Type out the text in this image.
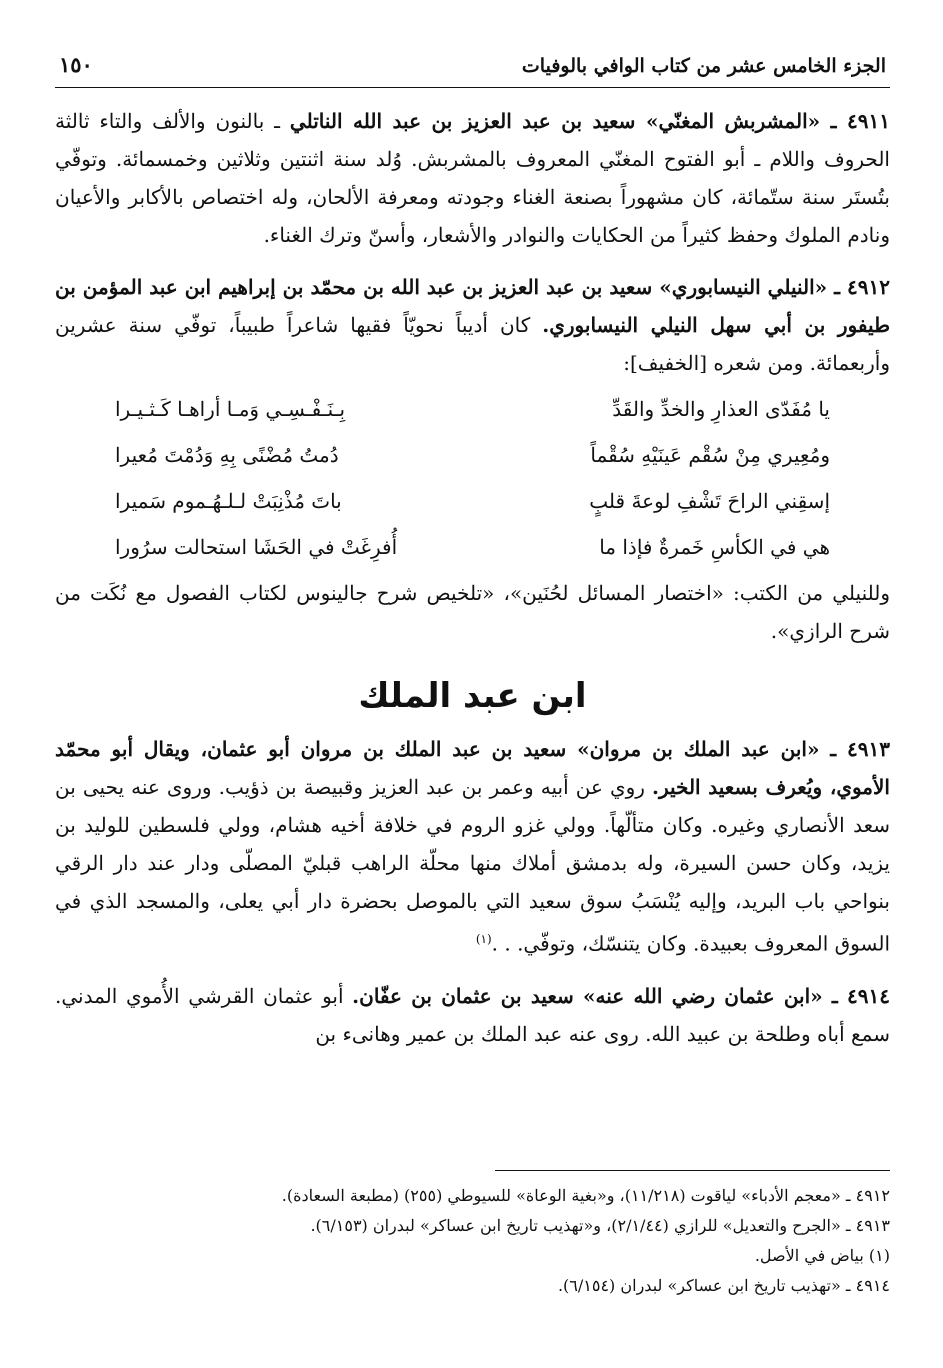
الجزء الخامس عشر من كتاب الوافي بالوفيات
١٥٠
٤٩١١ ـ «المشربش المغنّي» سعيد بن عبد العزيز بن عبد الله الناتلي ـ بالنون والألف والتاء ثالثة الحروف واللام ـ أبو الفتوح المغنّي المعروف بالمشربش. وُلد سنة اثنتين وثلاثين وخمسمائة. وتوفّي بتُستَر سنة ستّمائة، كان مشهوراً بصنعة الغناء وجودته ومعرفة الألحان، وله اختصاص بالأكابر والأعيان ونادم الملوك وحفظ كثيراً من الحكايات والنوادر والأشعار، وأسنّ وترك الغناء.
٤٩١٢ ـ «النيلي النيسابوري» سعيد بن عبد العزيز بن عبد الله بن محمّد بن إبراهيم ابن عبد المؤمن بن طيفور بن أبي سهل النيلي النيسابوري. كان أديباً نحويّاً فقيها شاعراً طبيباً، توفّي سنة عشرين وأربعمائة. ومن شعره [الخفيف]:
يا مُفَدّى العذارِ والخدِّ والقَدِّ
بِـنَـفْـسِـي وَمـا أراهـا كَـثـيـرا
ومُعِيري مِنْ سُقْم عَينَيْهِ سُقْماً
دُمتُ مُضْنًى بِهِ وَدُمْتَ مُعيرا
إسقِني الراحَ تَشْفِ لوعةَ قلبٍ
باتَ مُذْنِبَتْ لـلـهُـموم سَميرا
هي في الكأسِ خَمرةٌ فإذا ما
أُفرِغَتْ في الحَشَا استحالت سرُورا
وللنيلي من الكتب: «اختصار المسائل لحُنَين»، «تلخيص شرح جالينوس لكتاب الفصول مع نُكَت من شرح الرازي».
ابن عبد الملك
٤٩١٣ ـ «ابن عبد الملك بن مروان» سعيد بن عبد الملك بن مروان أبو عثمان، ويقال أبو محمّد الأموي، ويُعرف بسعيد الخير. روي عن أبيه وعمر بن عبد العزيز وقبيصة بن ذؤيب. وروى عنه يحيى بن سعد الأنصاري وغيره. وكان متألّهاً. وولي غزو الروم في خلافة أخيه هشام، وولي فلسطين للوليد بن يزيد، وكان حسن السيرة، وله بدمشق أملاك منها محلّة الراهب قبليّ المصلّى ودار عند دار الرقي بنواحي باب البريد، وإليه يُنْسَبُ سوق سعيد التي بالموصل بحضرة دار أبي يعلى، والمسجد الذي في السوق المعروف بعبيدة. وكان يتنسّك، وتوفّي. . .$^{(١)}$
٤٩١٤ ـ «ابن عثمان رضي الله عنه» سعيد بن عثمان بن عفّان. أبو عثمان القرشي الأُموي المدني. سمع أباه وطلحة بن عبيد الله. روى عنه عبد الملك بن عمير وهانىء بن
٤٩١٢ ـ «معجم الأدباء» لياقوت (١١/٢١٨)، و«بغية الوعاة» للسيوطي (٢٥٥) (مطبعة السعادة).
٤٩١٣ ـ «الجرح والتعديل» للرازي (٢/١/٤٤)، و«تهذيب تاريخ ابن عساكر» لبدران (٦/١٥٣).
(١) بياض في الأصل.
٤٩١٤ ـ «تهذيب تاريخ ابن عساكر» لبدران (٦/١٥٤).
